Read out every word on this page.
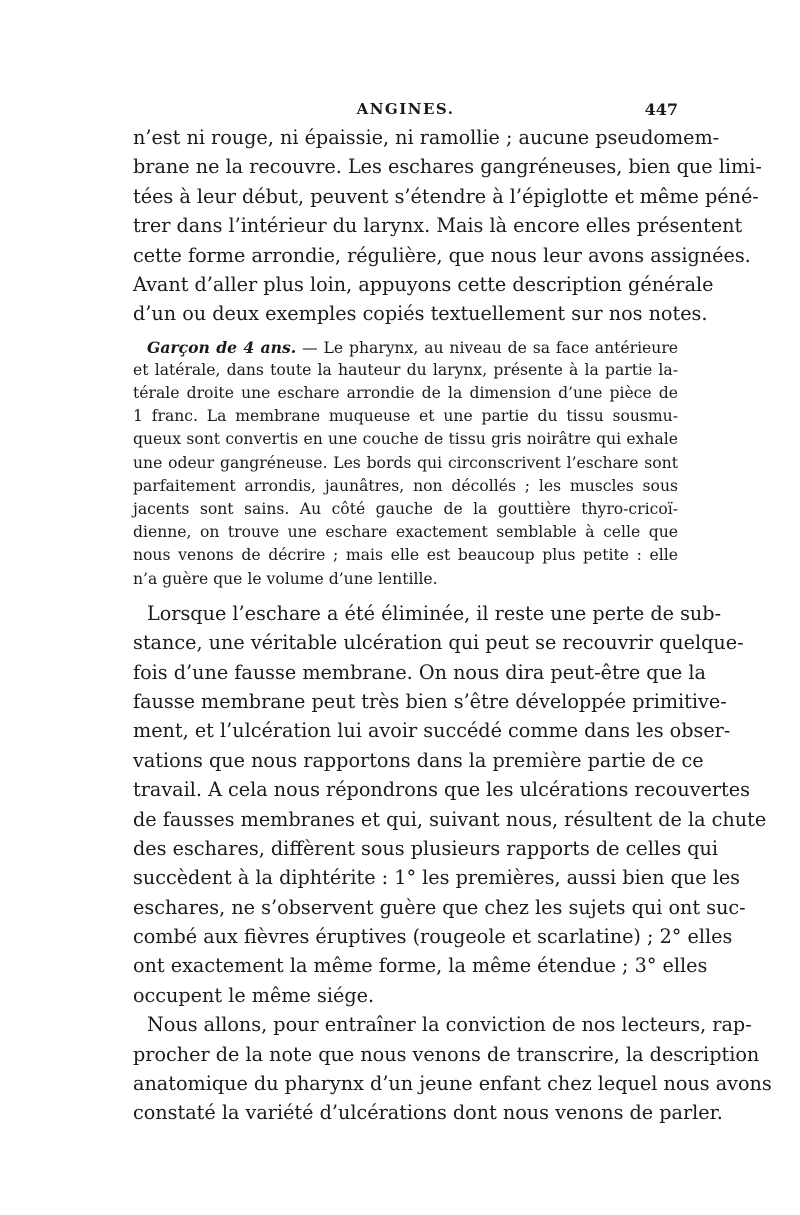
ANGINES.	447
n’est ni rouge, ni épaissie, ni ramollie ; aucune pseudomem-
brane ne la recouvre. Les eschares gangréneuses, bien que limi-
tées à leur début, peuvent s’étendre à l’épiglotte et même péné-
trer dans l’intérieur du larynx. Mais là encore elles présentent
cette forme arrondie, régulière, que nous leur avons assignées.
Avant d’aller plus loin, appuyons cette description générale
d’un ou deux exemples copiés textuellement sur nos notes.
Garçon de 4 ans. — Le pharynx, au niveau de sa face antérieure
et latérale, dans toute la hauteur du larynx, présente à la partie la-
térale droite une eschare arrondie de la dimension d’une pièce de
1 franc. La membrane muqueuse et une partie du tissu sousmu-
queux sont convertis en une couche de tissu gris noirâtre qui exhale
une odeur gangréneuse. Les bords qui circonscrivent l’eschare sont
parfaitement arrondis, jaunâtres, non décollés ; les muscles sous
jacents sont sains. Au côté gauche de la gouttière thyro-cricoï-
dienne, on trouve une eschare exactement semblable à celle que
nous venons de décrire ; mais elle est beaucoup plus petite : elle
n’a guère que le volume d’une lentille.
Lorsque l’eschare a été éliminée, il reste une perte de sub-
stance, une véritable ulcération qui peut se recouvrir quelque-
fois d’une fausse membrane. On nous dira peut-être que la
fausse membrane peut très bien s’être développée primitive-
ment, et l’ulcération lui avoir succédé comme dans les obser-
vations que nous rapportons dans la première partie de ce
travail. A cela nous répondrons que les ulcérations recouvertes
de fausses membranes et qui, suivant nous, résultent de la chute
des eschares, diffèrent sous plusieurs rapports de celles qui
succèdent à la diphtérite : 1° les premières, aussi bien que les
eschares, ne s’observent guère que chez les sujets qui ont suc-
combé aux fièvres éruptives (rougeole et scarlatine) ; 2° elles
ont exactement la même forme, la même étendue ; 3° elles
occupent le même siége.
Nous allons, pour entraîner la conviction de nos lecteurs, rap-
procher de la note que nous venons de transcrire, la description
anatomique du pharynx d’un jeune enfant chez lequel nous avons
constaté la variété d’ulcérations dont nous venons de parler.
